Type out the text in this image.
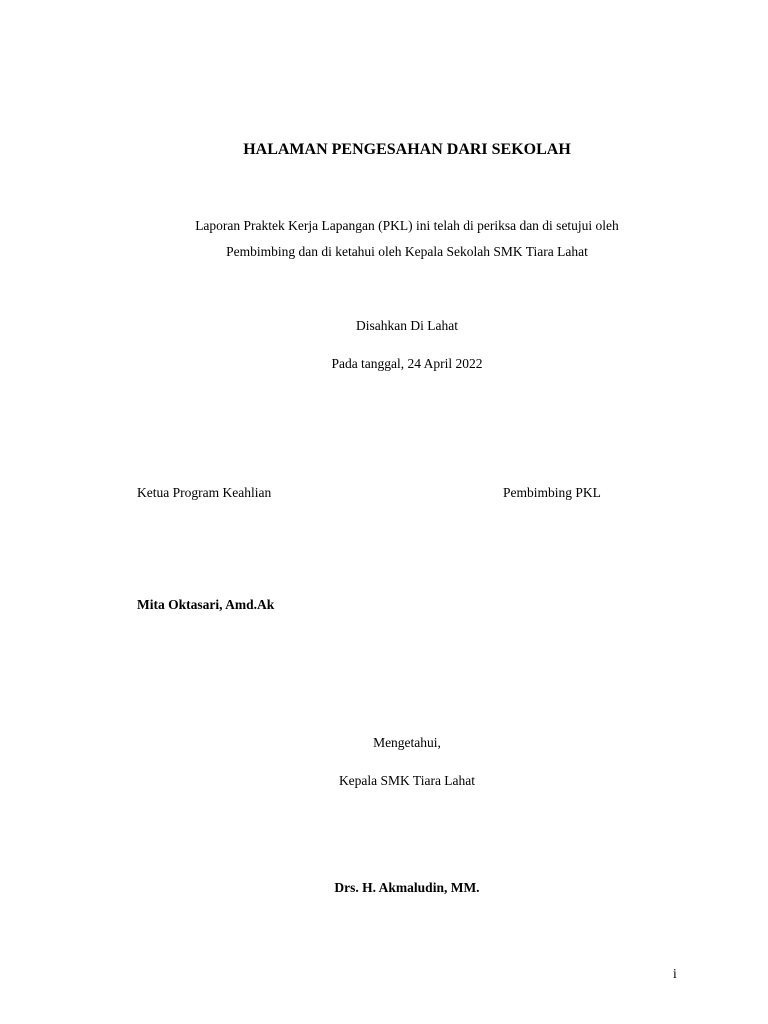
HALAMAN PENGESAHAN DARI SEKOLAH
Laporan Praktek Kerja Lapangan (PKL) ini telah di periksa dan di setujui oleh
Pembimbing dan di ketahui oleh Kepala Sekolah SMK Tiara Lahat
Disahkan Di Lahat
Pada tanggal, 24 April 2022
Ketua Program Keahlian	Pembimbing PKL
Mita Oktasari, Amd.Ak
Mengetahui,
Kepala SMK Tiara Lahat
Drs. H. Akmaludin, MM.
i
